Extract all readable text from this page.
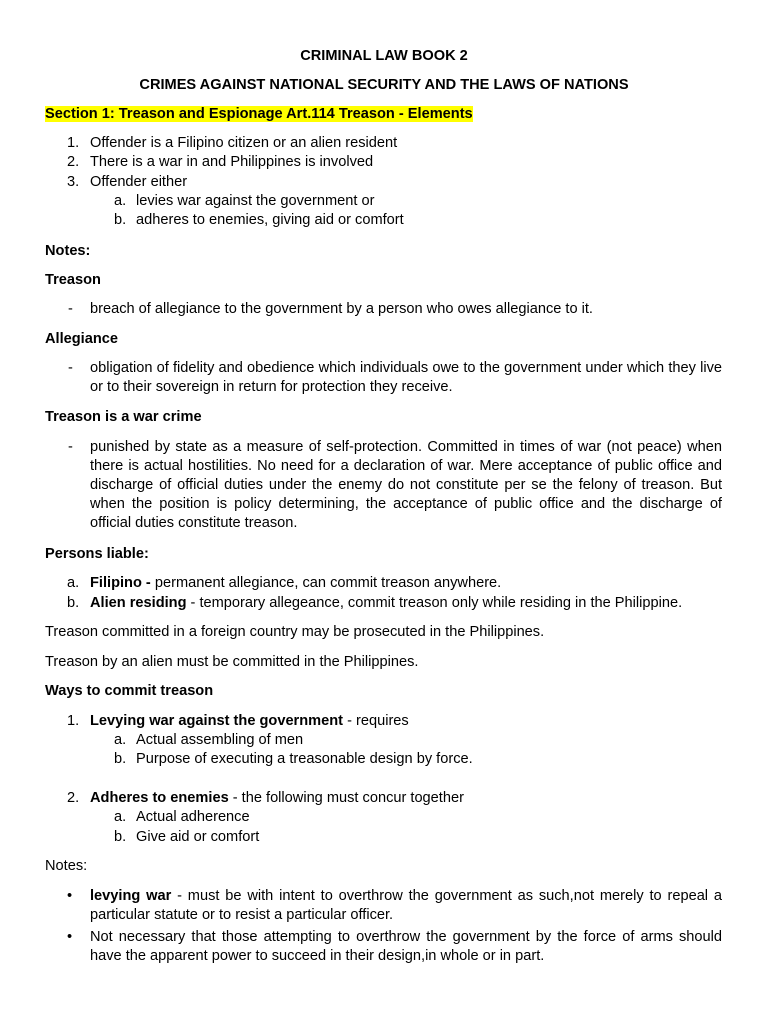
CRIMINAL LAW BOOK 2
CRIMES AGAINST NATIONAL SECURITY AND THE LAWS OF NATIONS
Section 1: Treason and Espionage Art.114 Treason - Elements
1. Offender is a Filipino citizen or an alien resident
2. There is a war in and Philippines is involved
3. Offender either
a. levies war against the government or
b. adheres to enemies, giving aid or comfort
Notes:
Treason
- breach of allegiance to the government by a person who owes allegiance to it.
Allegiance
- obligation of fidelity and obedience which individuals owe to the government under which they live or to their sovereign in return for protection they receive.
Treason is a war crime
- punished by state as a measure of self-protection. Committed in times of war (not peace) when there is actual hostilities. No need for a declaration of war. Mere acceptance of public office and discharge of official duties under the enemy do not constitute per se the felony of treason. But when the position is policy determining, the acceptance of public office and the discharge of official duties constitute treason.
Persons liable:
a. Filipino - permanent allegiance, can commit treason anywhere.
b. Alien residing - temporary allegeance, commit treason only while residing in the Philippine.
Treason committed in a foreign country may be prosecuted in the Philippines.
Treason by an alien must be committed in the Philippines.
Ways to commit treason
1. Levying war against the government - requires
a. Actual assembling of men
b. Purpose of executing a treasonable design by force.
2. Adheres to enemies - the following must concur together
a. Actual adherence
b. Give aid or comfort
Notes:
• levying war - must be with intent to overthrow the government as such,not merely to repeal a particular statute or to resist a particular officer.
• Not necessary that those attempting to overthrow the government by the force of arms should have the apparent power to succeed in their design,in whole or in part.
